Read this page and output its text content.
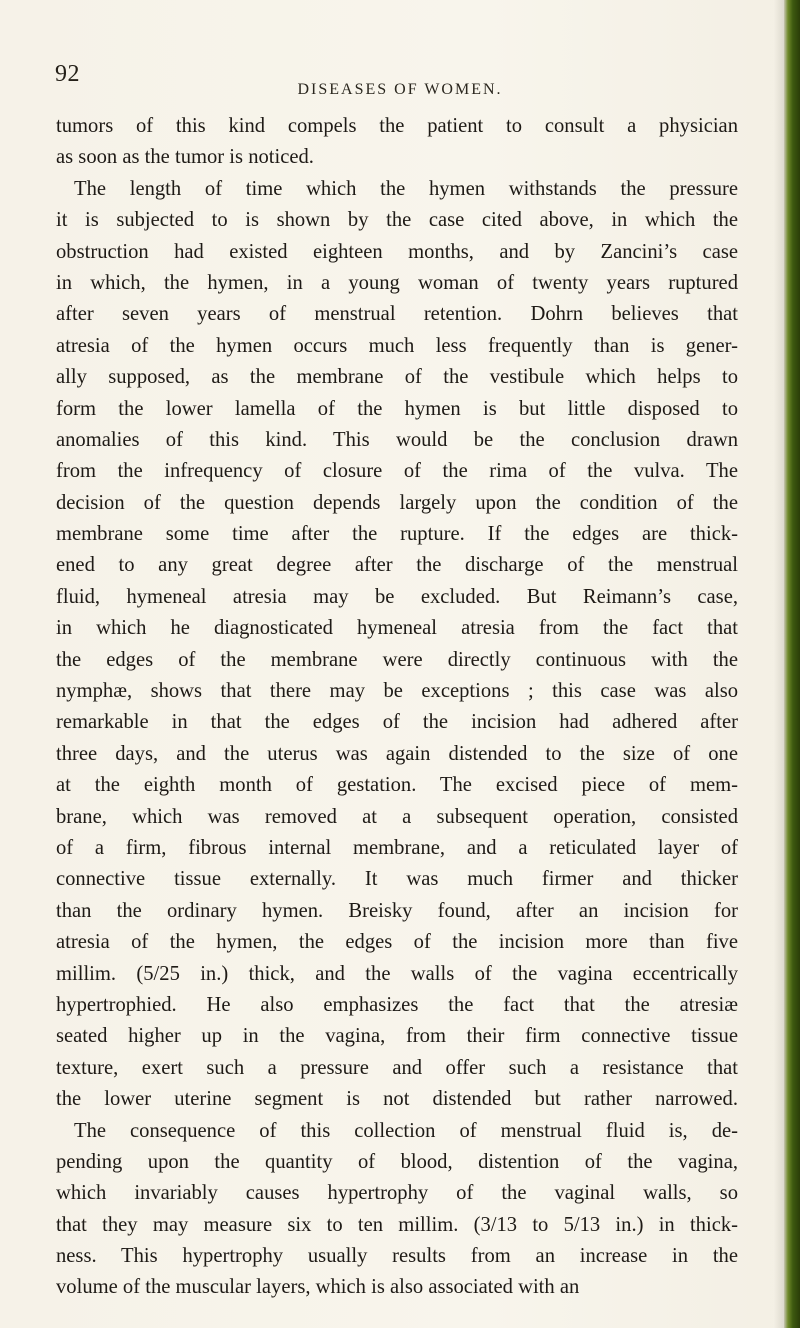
92
DISEASES OF WOMEN.
tumors of this kind compels the patient to consult a physician
as soon as the tumor is noticed.
The length of time which the hymen withstands the pressure
it is subjected to is shown by the case cited above, in which the
obstruction had existed eighteen months, and by Zancini’s case
in which, the hymen, in a young woman of twenty years ruptured
after seven years of menstrual retention. Dohrn believes that
atresia of the hymen occurs much less frequently than is gener-
ally supposed, as the membrane of the vestibule which helps to
form the lower lamella of the hymen is but little disposed to
anomalies of this kind. This would be the conclusion drawn
from the infrequency of closure of the rima of the vulva. The
decision of the question depends largely upon the condition of the
membrane some time after the rupture. If the edges are thick-
ened to any great degree after the discharge of the menstrual
fluid, hymeneal atresia may be excluded. But Reimann’s case,
in which he diagnosticated hymeneal atresia from the fact that
the edges of the membrane were directly continuous with the
nymphæ, shows that there may be exceptions ; this case was also
remarkable in that the edges of the incision had adhered after
three days, and the uterus was again distended to the size of one
at the eighth month of gestation. The excised piece of mem-
brane, which was removed at a subsequent operation, consisted
of a firm, fibrous internal membrane, and a reticulated layer of
connective tissue externally. It was much firmer and thicker
than the ordinary hymen. Breisky found, after an incision for
atresia of the hymen, the edges of the incision more than five
millim. (5/25 in.) thick, and the walls of the vagina eccentrically
hypertrophied. He also emphasizes the fact that the atresiæ
seated higher up in the vagina, from their firm connective tissue
texture, exert such a pressure and offer such a resistance that
the lower uterine segment is not distended but rather narrowed.
The consequence of this collection of menstrual fluid is, de-
pending upon the quantity of blood, distention of the vagina,
which invariably causes hypertrophy of the vaginal walls, so
that they may measure six to ten millim. (3/13 to 5/13 in.) in thick-
ness. This hypertrophy usually results from an increase in the
volume of the muscular layers, which is also associated with an
